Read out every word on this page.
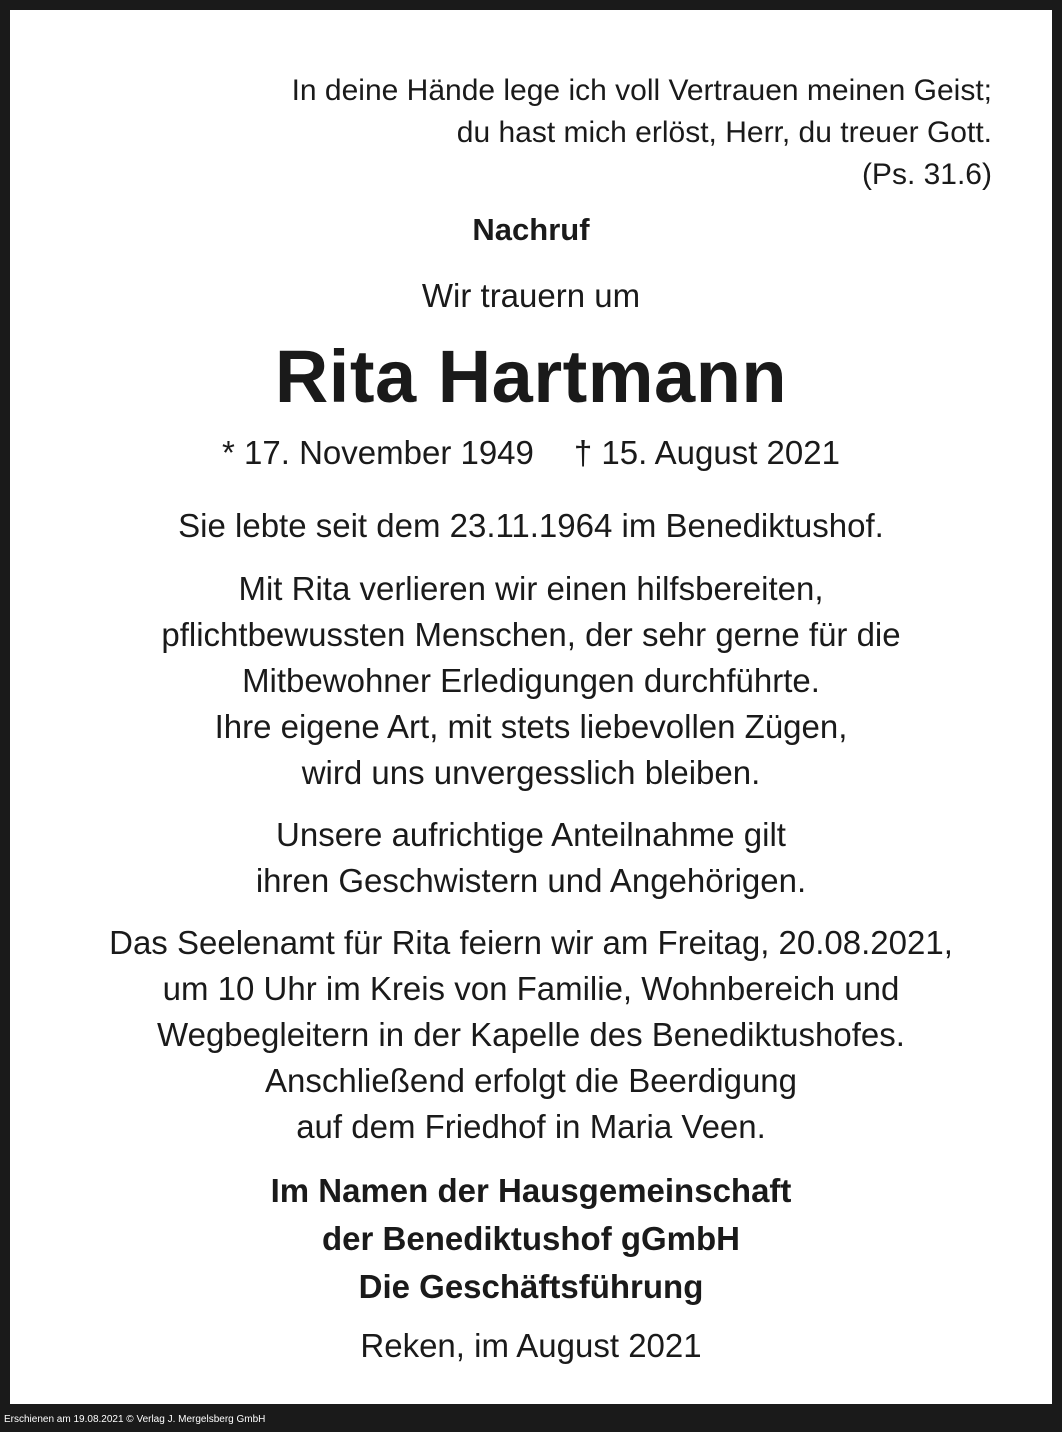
In deine Hände lege ich voll Vertrauen meinen Geist;
du hast mich erlöst, Herr, du treuer Gott.
(Ps. 31.6)
Nachruf
Wir trauern um
Rita Hartmann
* 17. November 1949 † 15. August 2021
Sie lebte seit dem 23.11.1964 im Benediktushof.
Mit Rita verlieren wir einen hilfsbereiten,
pflichtbewussten Menschen, der sehr gerne für die
Mitbewohner Erledigungen durchführte.
Ihre eigene Art, mit stets liebevollen Zügen,
wird uns unvergesslich bleiben.
Unsere aufrichtige Anteilnahme gilt
ihren Geschwistern und Angehörigen.
Das Seelenamt für Rita feiern wir am Freitag, 20.08.2021,
um 10 Uhr im Kreis von Familie, Wohnbereich und
Wegbegleitern in der Kapelle des Benediktushofes.
Anschließend erfolgt die Beerdigung
auf dem Friedhof in Maria Veen.
Im Namen der Hausgemeinschaft
der Benediktushof gGmbH
Die Geschäftsführung
Reken, im August 2021
Erschienen am 19.08.2021 © Verlag J. Mergelsberg GmbH
